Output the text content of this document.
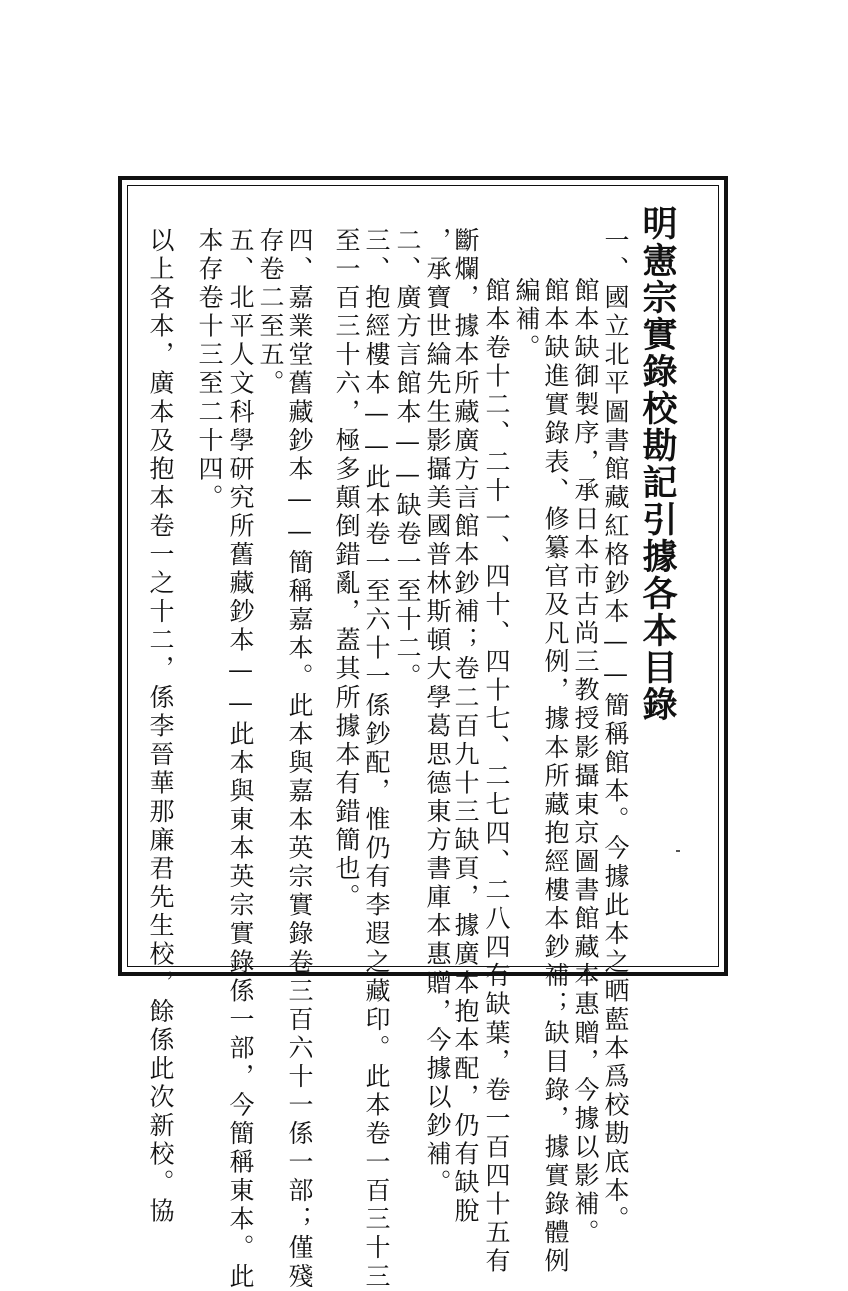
明憲宗實錄校勘記引據各本目錄
一、國立北平圖書館藏紅格鈔本——簡稱館本。今據此本之晒藍本爲校勘底本。
館本缺御製序，承日本市古尚三教授影攝東京圖書館藏本惠贈，今據以影補。
館本缺進實錄表、修纂官及凡例，據本所藏抱經樓本鈔補；缺目錄，據實錄體例
編補。
館本卷十二、二十一、四十、四十七、二七四、二八四有缺葉，卷一百四十五有
斷爛，據本所藏廣方言館本鈔補；卷二百九十三缺頁，據廣本抱本配，仍有缺脫
，承寶世綸先生影攝美國普林斯頓大學葛思德東方書庫本惠贈，今據以鈔補。
二、廣方言館本——缺卷一至十二。
三、抱經樓本——此本卷一至六十一係鈔配，惟仍有李遐之藏印。此本卷一百三十三
至一百三十六，極多顛倒錯亂，蓋其所據本有錯簡也。
四、嘉業堂舊藏鈔本——簡稱嘉本。此本與嘉本英宗實錄卷三百六十一係一部；僅殘
存卷二至五。
五、北平人文科學研究所舊藏鈔本——此本與東本英宗實錄係一部，今簡稱東本。此
本存卷十三至二十四。
以上各本，廣本及抱本卷一之十二，係李晉華那廉君先生校，餘係此次新校。協
